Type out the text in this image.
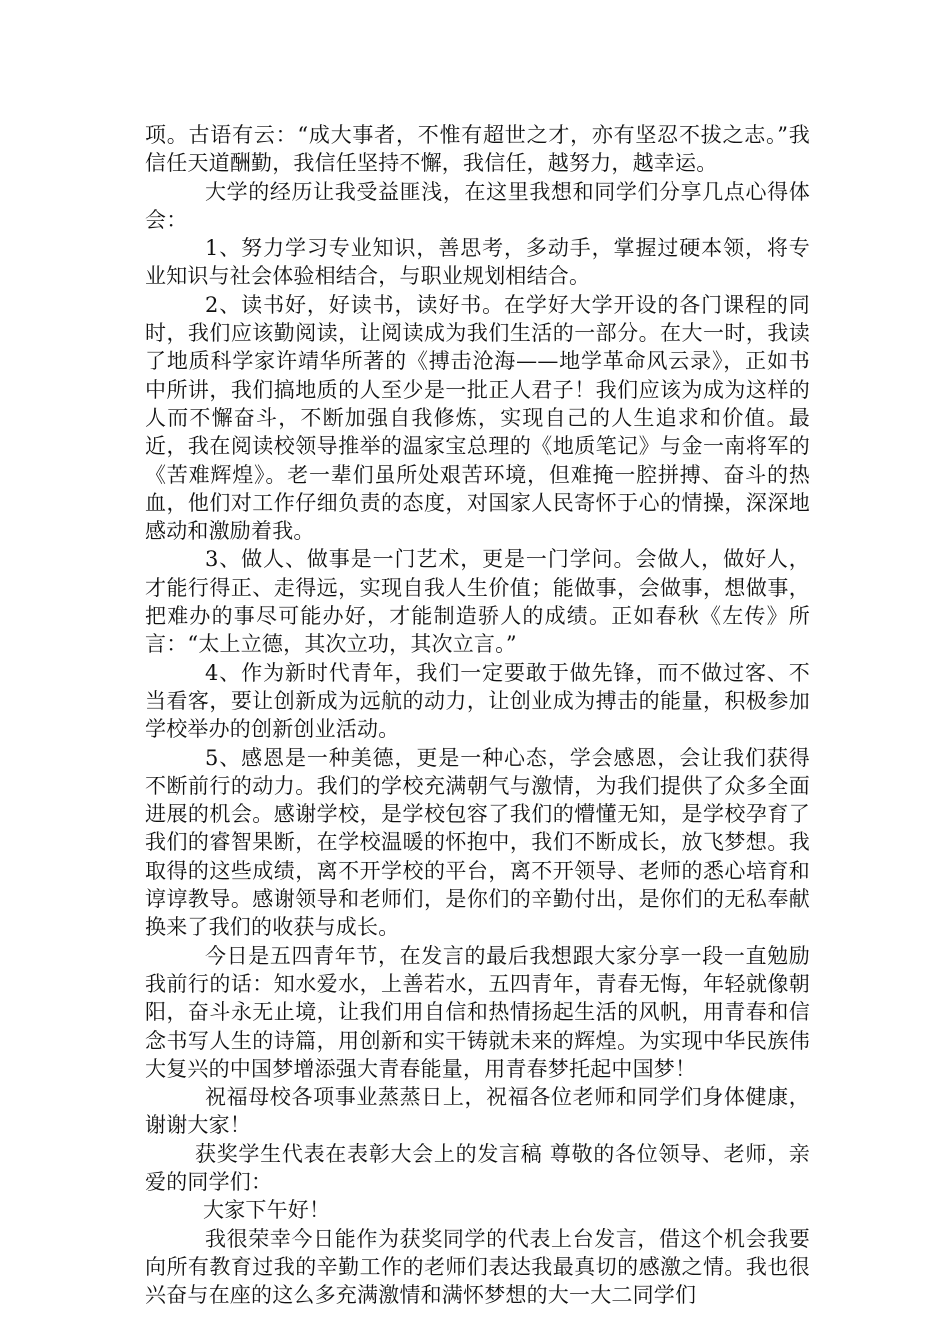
项。古语有云：“成大事者，不惟有超世之才，亦有坚忍不拔之志。”我信任天道酬勤，我信任坚持不懈，我信任，越努力，越幸运。

大学的经历让我受益匪浅，在这里我想和同学们分享几点心得体会：

1、努力学习专业知识，善思考，多动手，掌握过硬本领，将专业知识与社会体验相结合，与职业规划相结合。

2、读书好，好读书，读好书。在学好大学开设的各门课程的同时，我们应该勤阅读，让阅读成为我们生活的一部分。在大一时，我读了地质科学家许靖华所著的《搏击沧海——地学革命风云录》，正如书中所讲，我们搞地质的人至少是一批正人君子！我们应该为成为这样的人而不懈奋斗，不断加强自我修炼，实现自己的人生追求和价值。最近，我在阅读校领导推举的温家宝总理的《地质笔记》与金一南将军的《苦难辉煌》。老一辈们虽所处艰苦环境，但难掩一腔拼搏、奋斗的热血，他们对工作仔细负责的态度，对国家人民寄怀于心的情操，深深地感动和激励着我。

3、做人、做事是一门艺术，更是一门学问。会做人，做好人，才能行得正、走得远，实现自我人生价值；能做事，会做事，想做事，把难办的事尽可能办好，才能制造骄人的成绩。正如春秋《左传》所言：“太上立德，其次立功，其次立言。”

4、作为新时代青年，我们一定要敢于做先锋，而不做过客、不当看客，要让创新成为远航的动力，让创业成为搏击的能量，积极参加学校举办的创新创业活动。

5、感恩是一种美德，更是一种心态，学会感恩，会让我们获得不断前行的动力。我们的学校充满朝气与激情，为我们提供了众多全面进展的机会。感谢学校，是学校包容了我们的懵懂无知，是学校孕育了我们的睿智果断，在学校温暖的怀抱中，我们不断成长，放飞梦想。我取得的这些成绩，离不开学校的平台，离不开领导、老师的悉心培育和谆谆教导。感谢领导和老师们，是你们的辛勤付出，是你们的无私奉献换来了我们的收获与成长。

今日是五四青年节，在发言的最后我想跟大家分享一段一直勉励我前行的话：知水爱水，上善若水，五四青年，青春无悔，年轻就像朝阳，奋斗永无止境，让我们用自信和热情扬起生活的风帆，用青春和信念书写人生的诗篇，用创新和实干铸就未来的辉煌。为实现中华民族伟大复兴的中国梦增添强大青春能量，用青春梦托起中国梦！

祝福母校各项事业蒸蒸日上，祝福各位老师和同学们身体健康，谢谢大家！

获奖学生代表在表彰大会上的发言稿 尊敬的各位领导、老师，亲爱的同学们：

大家下午好！

我很荣幸今日能作为获奖同学的代表上台发言，借这个机会我要向所有教育过我的辛勤工作的老师们表达我最真切的感激之情。我也很兴奋与在座的这么多充满激情和满怀梦想的大一大二同学们
